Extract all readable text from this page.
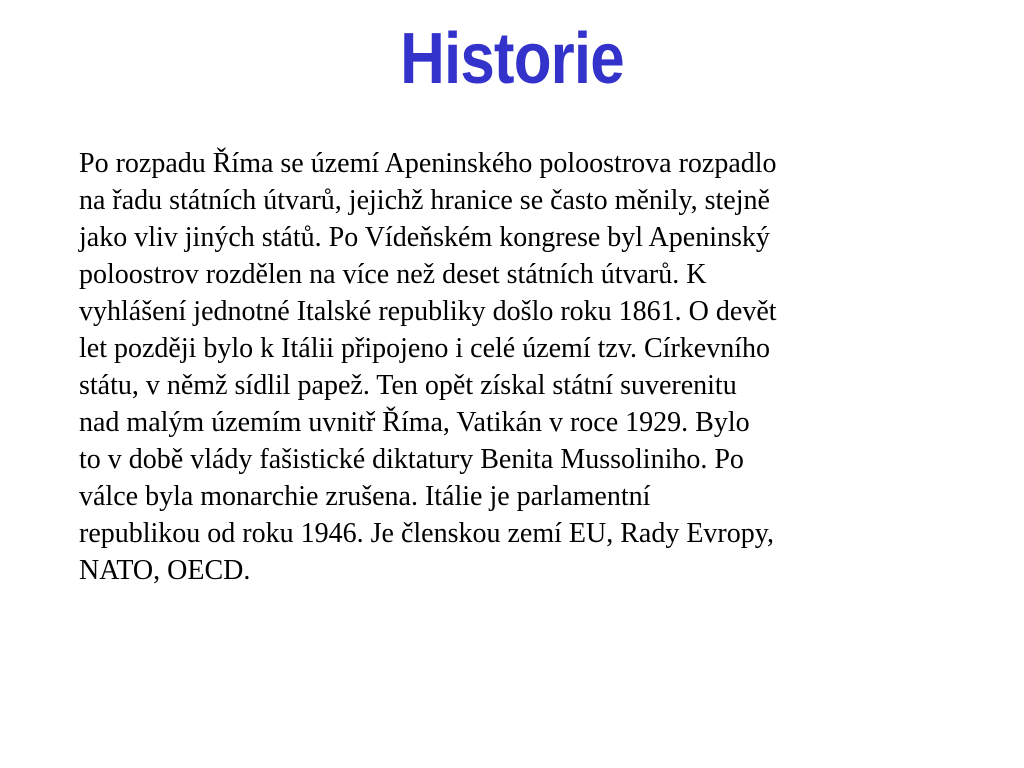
Historie
Po rozpadu Říma se území Apeninského poloostrova rozpadlo
na řadu státních útvarů, jejichž hranice se často měnily, stejně
jako vliv jiných států. Po Vídeňském kongrese byl Apeninský
poloostrov rozdělen na více než deset státních útvarů. K
vyhlášení jednotné Italské republiky došlo roku 1861. O devět
let později bylo k Itálii připojeno i celé území tzv. Církevního
státu, v němž sídlil papež. Ten opět získal státní suverenitu
nad malým územím uvnitř Říma, Vatikán v roce 1929. Bylo
to v době vlády fašistické diktatury Benita Mussoliniho. Po
válce byla monarchie zrušena. Itálie je parlamentní
republikou od roku 1946. Je členskou zemí EU, Rady Evropy,
NATO, OECD.
